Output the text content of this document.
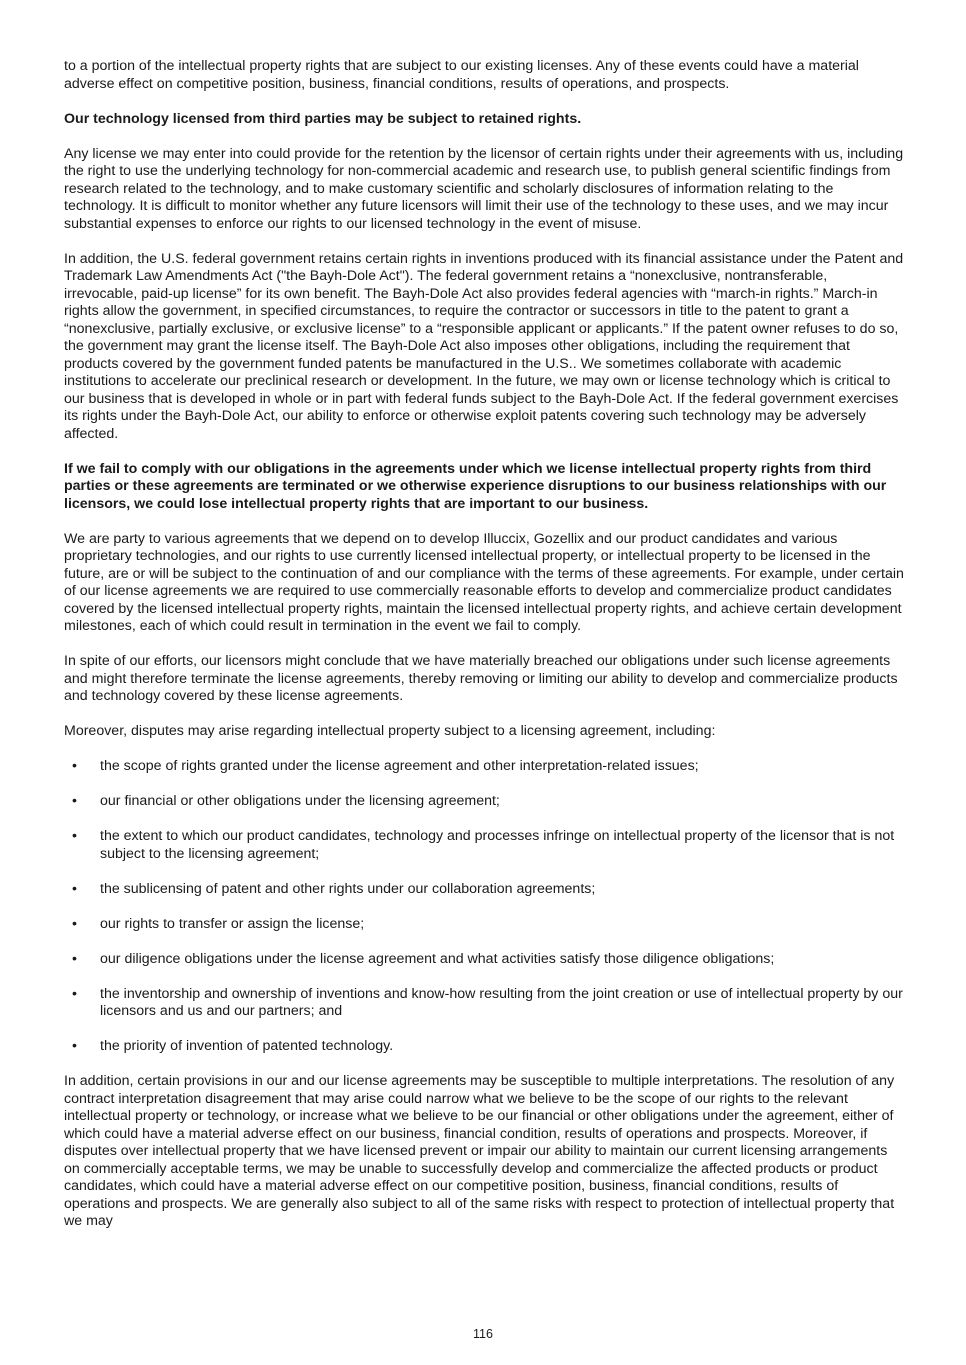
to a portion of the intellectual property rights that are subject to our existing licenses. Any of these events could have a material adverse effect on competitive position, business, financial conditions, results of operations, and prospects.

Our technology licensed from third parties may be subject to retained rights.

Any license we may enter into could provide for the retention by the licensor of certain rights under their agreements with us, including the right to use the underlying technology for non-commercial academic and research use, to publish general scientific findings from research related to the technology, and to make customary scientific and scholarly disclosures of information relating to the technology. It is difficult to monitor whether any future licensors will limit their use of the technology to these uses, and we may incur substantial expenses to enforce our rights to our licensed technology in the event of misuse.

In addition, the U.S. federal government retains certain rights in inventions produced with its financial assistance under the Patent and Trademark Law Amendments Act ("the Bayh-Dole Act"). The federal government retains a “nonexclusive, nontransferable, irrevocable, paid-up license” for its own benefit. The Bayh-Dole Act also provides federal agencies with “march-in rights.” March-in rights allow the government, in specified circumstances, to require the contractor or successors in title to the patent to grant a “nonexclusive, partially exclusive, or exclusive license” to a “responsible applicant or applicants.” If the patent owner refuses to do so, the government may grant the license itself. The Bayh-Dole Act also imposes other obligations, including the requirement that products covered by the government funded patents be manufactured in the U.S.. We sometimes collaborate with academic institutions to accelerate our preclinical research or development. In the future, we may own or license technology which is critical to our business that is developed in whole or in part with federal funds subject to the Bayh-Dole Act. If the federal government exercises its rights under the Bayh-Dole Act, our ability to enforce or otherwise exploit patents covering such technology may be adversely affected.

If we fail to comply with our obligations in the agreements under which we license intellectual property rights from third parties or these agreements are terminated or we otherwise experience disruptions to our business relationships with our licensors, we could lose intellectual property rights that are important to our business.

We are party to various agreements that we depend on to develop Illuccix, Gozellix and our product candidates and various proprietary technologies, and our rights to use currently licensed intellectual property, or intellectual property to be licensed in the future, are or will be subject to the continuation of and our compliance with the terms of these agreements. For example, under certain of our license agreements we are required to use commercially reasonable efforts to develop and commercialize product candidates covered by the licensed intellectual property rights, maintain the licensed intellectual property rights, and achieve certain development milestones, each of which could result in termination in the event we fail to comply.

In spite of our efforts, our licensors might conclude that we have materially breached our obligations under such license agreements and might therefore terminate the license agreements, thereby removing or limiting our ability to develop and commercialize products and technology covered by these license agreements.

Moreover, disputes may arise regarding intellectual property subject to a licensing agreement, including:

• the scope of rights granted under the license agreement and other interpretation-related issues;
• our financial or other obligations under the licensing agreement;
• the extent to which our product candidates, technology and processes infringe on intellectual property of the licensor that is not subject to the licensing agreement;
• the sublicensing of patent and other rights under our collaboration agreements;
• our rights to transfer or assign the license;
• our diligence obligations under the license agreement and what activities satisfy those diligence obligations;
• the inventorship and ownership of inventions and know-how resulting from the joint creation or use of intellectual property by our licensors and us and our partners; and
• the priority of invention of patented technology.

In addition, certain provisions in our and our license agreements may be susceptible to multiple interpretations. The resolution of any contract interpretation disagreement that may arise could narrow what we believe to be the scope of our rights to the relevant intellectual property or technology, or increase what we believe to be our financial or other obligations under the agreement, either of which could have a material adverse effect on our business, financial condition, results of operations and prospects. Moreover, if disputes over intellectual property that we have licensed prevent or impair our ability to maintain our current licensing arrangements on commercially acceptable terms, we may be unable to successfully develop and commercialize the affected products or product candidates, which could have a material adverse effect on our competitive position, business, financial conditions, results of operations and prospects. We are generally also subject to all of the same risks with respect to protection of intellectual property that we may

116
